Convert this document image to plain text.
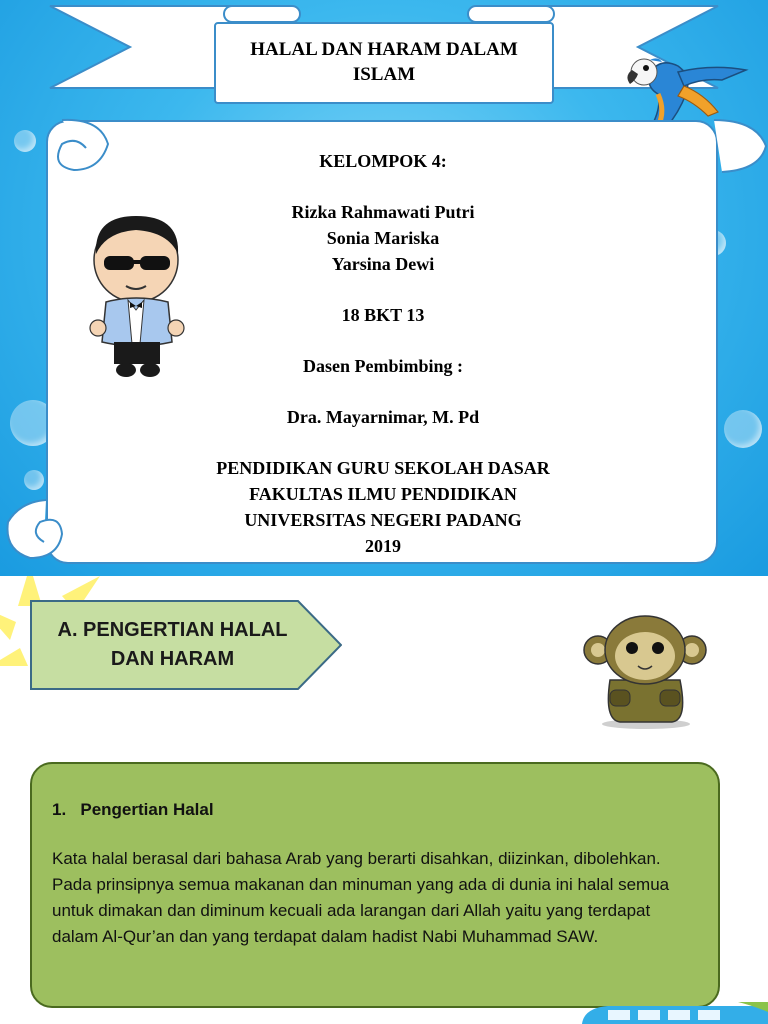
HALAL DAN HARAM DALAM ISLAM
KELOMPOK 4:
Rizka Rahmawati Putri
Sonia Mariska
Yarsina Dewi
18 BKT 13
Dasen Pembimbing :
Dra. Mayarnimar, M. Pd
PENDIDIKAN GURU SEKOLAH DASAR
FAKULTAS ILMU PENDIDIKAN
UNIVERSITAS NEGERI PADANG
2019
A. PENGERTIAN HALAL
DAN HARAM
1. Pengertian Halal
Kata halal berasal dari bahasa Arab yang berarti disahkan, diizinkan, dibolehkan. Pada prinsipnya semua makanan dan minuman yang ada di dunia ini halal semua untuk dimakan dan diminum kecuali ada larangan dari Allah yaitu yang terdapat dalam Al-Qur’an dan yang terdapat dalam hadist Nabi Muhammad SAW.
